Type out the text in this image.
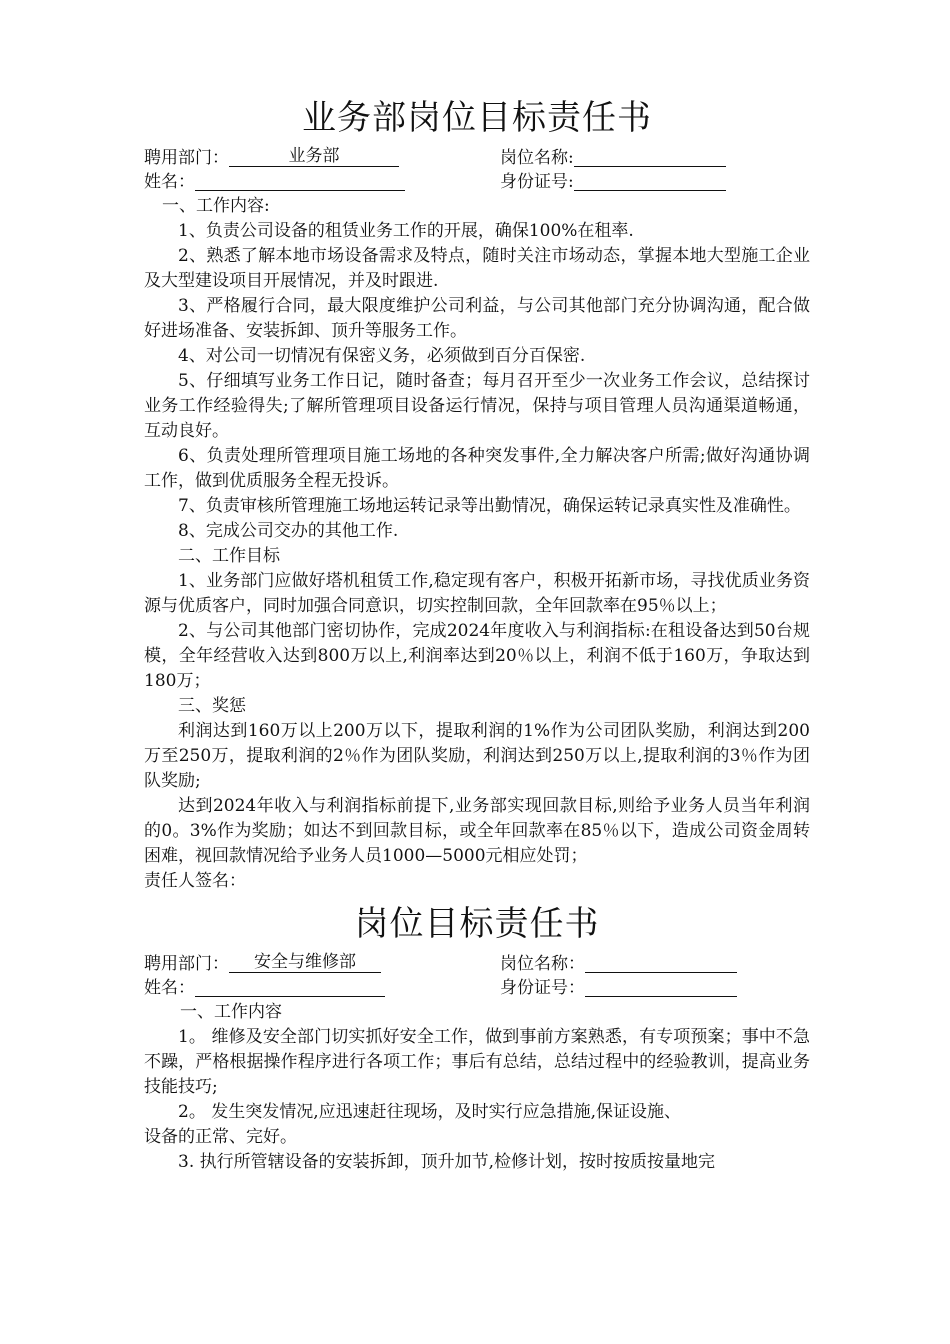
业务部岗位目标责任书
聘用部门：	业务部	岗位名称:
姓名：	身份证号:

一、工作内容:

1、负责公司设备的租赁业务工作的开展，确保100%在租率.

2、熟悉了解本地市场设备需求及特点，随时关注市场动态，掌握本地大型施工企业及大型建设项目开展情况，并及时跟进.

3、严格履行合同，最大限度维护公司利益，与公司其他部门充分协调沟通，配合做好进场准备、安装拆卸、顶升等服务工作。

4、对公司一切情况有保密义务，必须做到百分百保密.

5、仔细填写业务工作日记，随时备查；每月召开至少一次业务工作会议，总结探讨业务工作经验得失;了解所管理项目设备运行情况，保持与项目管理人员沟通渠道畅通，互动良好。

6、负责处理所管理项目施工场地的各种突发事件,全力解决客户所需;做好沟通协调工作，做到优质服务全程无投诉。

7、负责审核所管理施工场地运转记录等出勤情况，确保运转记录真实性及准确性。

8、完成公司交办的其他工作.

二、工作目标

1、业务部门应做好塔机租赁工作,稳定现有客户，积极开拓新市场，寻找优质业务资源与优质客户，同时加强合同意识，切实控制回款，全年回款率在95％以上；

2、与公司其他部门密切协作，完成2024年度收入与利润指标:在租设备达到50台规模，全年经营收入达到800万以上,利润率达到20％以上，利润不低于160万，争取达到180万；

三、奖惩

利润达到160万以上200万以下，提取利润的1%作为公司团队奖励，利润达到200万至250万，提取利润的2％作为团队奖励，利润达到250万以上,提取利润的3％作为团队奖励;

达到2024年收入与利润指标前提下,业务部实现回款目标,则给予业务人员当年利润的0。3%作为奖励；如达不到回款目标，或全年回款率在85％以下，造成公司资金周转困难，视回款情况给予业务人员1000—5000元相应处罚；

责任人签名：

岗位目标责任书
聘用部门：	安全与维修部	岗位名称：
姓名：	身份证号：

一、工作内容

1。 维修及安全部门切实抓好安全工作，做到事前方案熟悉，有专项预案；事中不急不躁，严格根据操作程序进行各项工作；事后有总结，总结过程中的经验教训，提高业务技能技巧;

2。 发生突发情况,应迅速赶往现场，及时实行应急措施,保证设施、

设备的正常、完好。

3. 执行所管辖设备的安装拆卸，顶升加节,检修计划，按时按质按量地完
